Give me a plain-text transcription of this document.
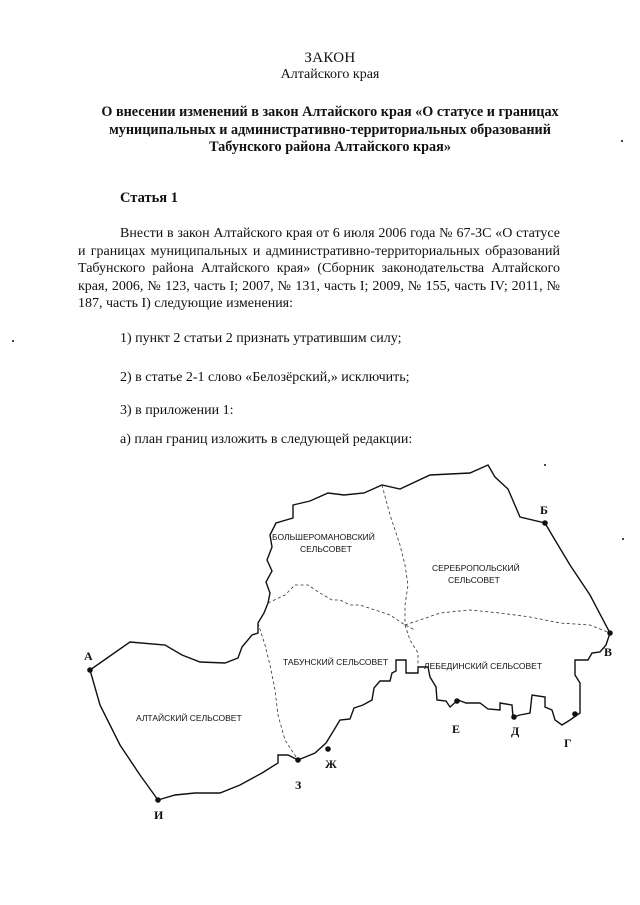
ЗАКОН
Алтайского края
О внесении изменений в закон Алтайского края «О статусе и границах
муниципальных и административно-территориальных образований
Табунского района Алтайского края»
Статья 1
Внести в закон Алтайского края от 6 июля 2006 года № 67-ЗС «О статусе и границах муниципальных и административно-территориальных образований Табунского района Алтайского края» (Сборник законодательства Алтайского края, 2006, № 123, часть I; 2007, № 131, часть I; 2009, № 155, часть IV; 2011, № 187, часть I) следующие изменения:
1) пункт 2 статьи 2 признать утратившим силу;
2) в статье 2-1 слово «Белозёрский,» исключить;
3) в приложении 1:
а) план границ изложить в следующей редакции:
БОЛЬШЕРОМАНОВСКИЙ
СЕЛЬСОВЕТ
СЕРЕБРОПОЛЬСКИЙ
СЕЛЬСОВЕТ
ТАБУНСКИЙ СЕЛЬСОВЕТ	ЛЕБЕДИНСКИЙ СЕЛЬСОВЕТ
АЛТАЙСКИЙ СЕЛЬСОВЕТ
А
Б
В
Г
Д
Е
Ж
З
И
